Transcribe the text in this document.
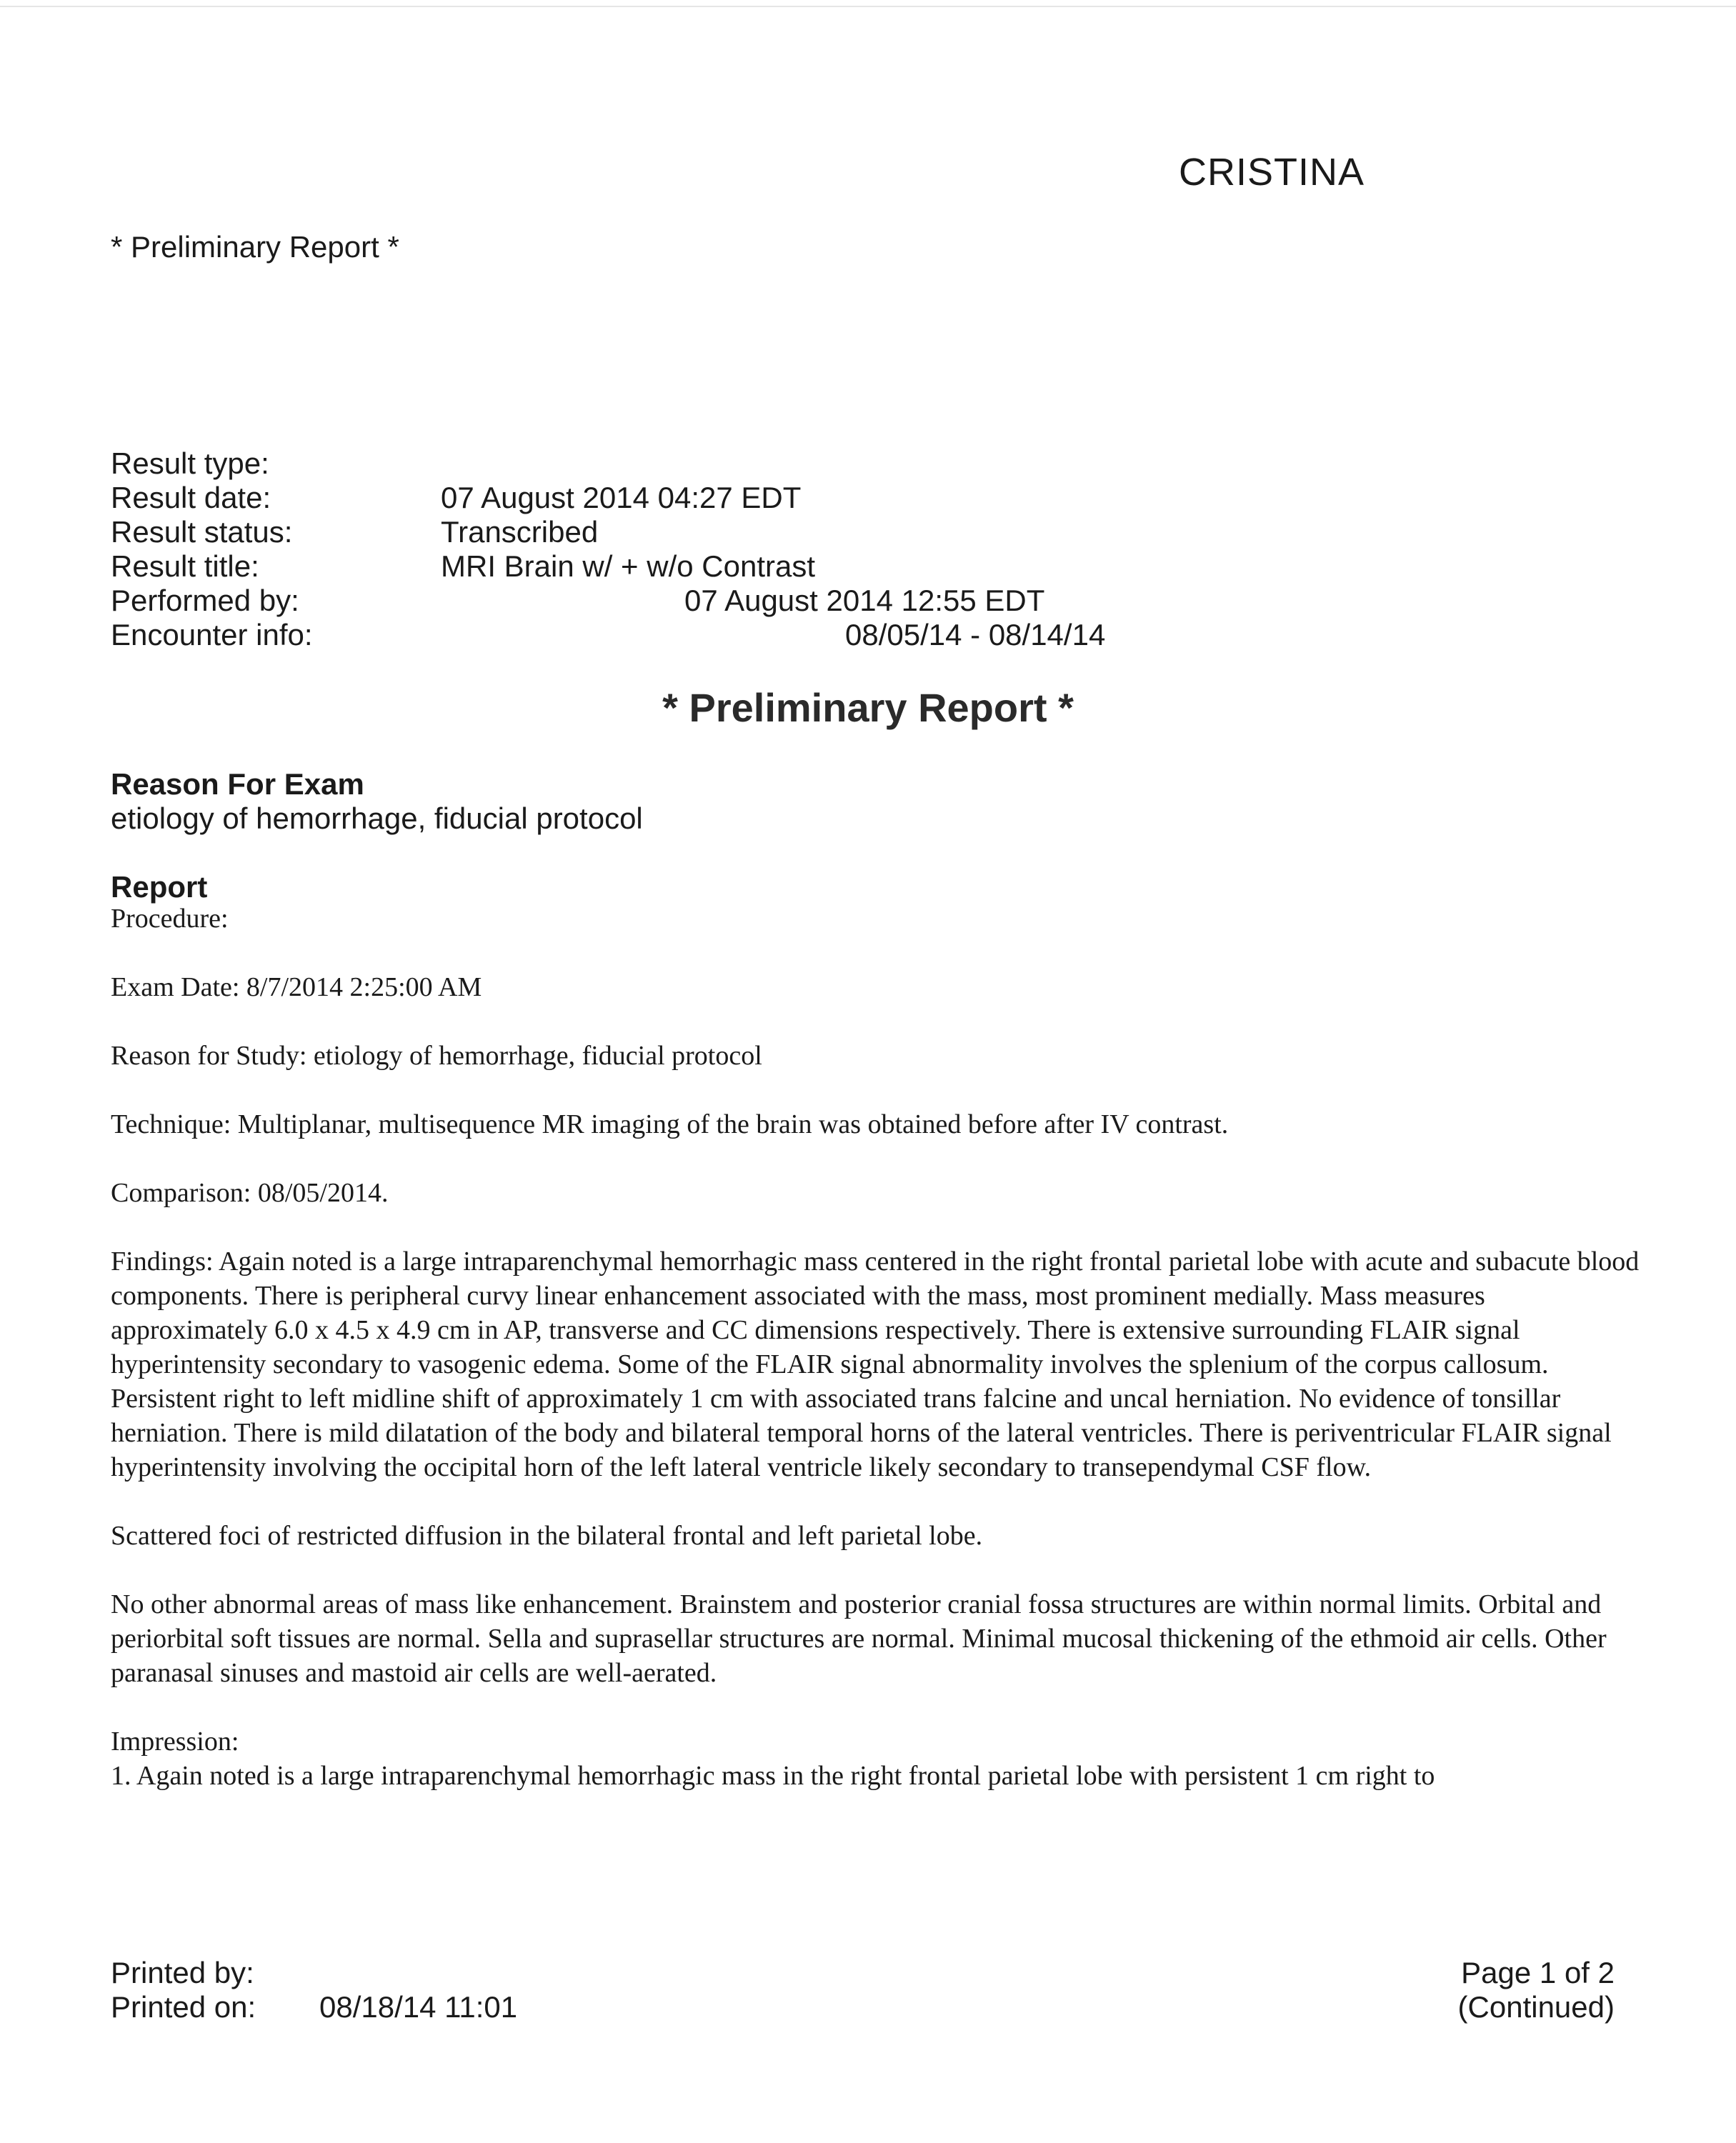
CRISTINA
* Preliminary Report *
Result type:
Result date:	07 August 2014 04:27 EDT
Result status:	Transcribed
Result title:	MRI Brain w/ + w/o Contrast
Performed by:	07 August 2014 12:55 EDT
Encounter info:	08/05/14 - 08/14/14
* Preliminary Report *
Reason For Exam
etiology of hemorrhage, fiducial protocol
Report

Procedure:

Exam Date: 8/7/2014 2:25:00 AM

Reason for Study: etiology of hemorrhage, fiducial protocol

Technique: Multiplanar, multisequence MR imaging of the brain was obtained before after IV contrast.

Comparison: 08/05/2014.

Findings: Again noted is a large intraparenchymal hemorrhagic mass centered in the right frontal parietal lobe with acute and subacute blood components. There is peripheral curvy linear enhancement associated with the mass, most prominent medially. Mass measures approximately 6.0 x 4.5 x 4.9 cm in AP, transverse and CC dimensions respectively. There is extensive surrounding FLAIR signal hyperintensity secondary to vasogenic edema. Some of the FLAIR signal abnormality involves the splenium of the corpus callosum. Persistent right to left midline shift of approximately 1 cm with associated trans falcine and uncal herniation. No evidence of tonsillar herniation. There is mild dilatation of the body and bilateral temporal horns of the lateral ventricles. There is periventricular FLAIR signal hyperintensity involving the occipital horn of the left lateral ventricle likely secondary to transependymal CSF flow.

Scattered foci of restricted diffusion in the bilateral frontal and left parietal lobe.

No other abnormal areas of mass like enhancement. Brainstem and posterior cranial fossa structures are within normal limits. Orbital and periorbital soft tissues are normal. Sella and suprasellar structures are normal. Minimal mucosal thickening of the ethmoid air cells. Other paranasal sinuses and mastoid air cells are well-aerated.

Impression:

1. Again noted is a large intraparenchymal hemorrhagic mass in the right frontal parietal lobe with persistent 1 cm right to

Printed by:
Printed on: 08/18/14 11:01
Page 1 of 2
(Continued)
